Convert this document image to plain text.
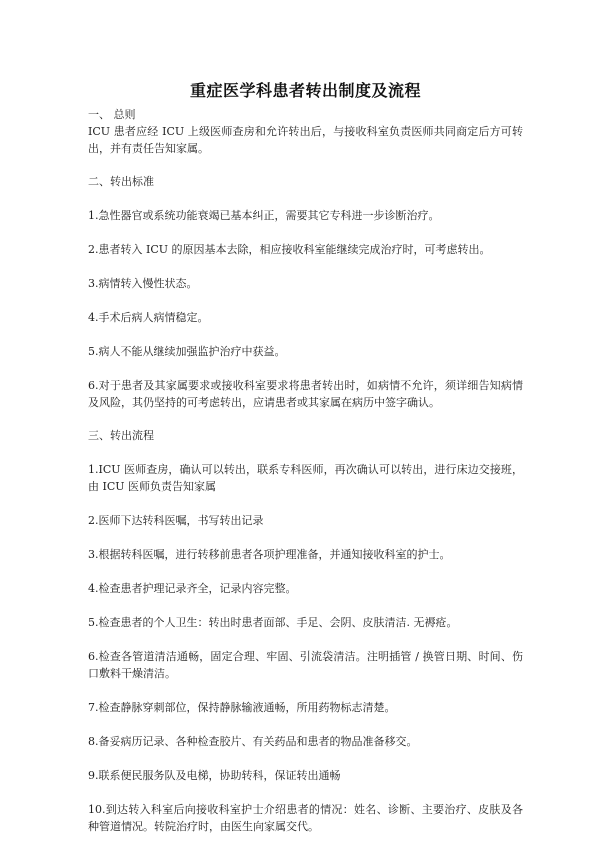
重症医学科患者转出制度及流程
一、 总则
ICU 患者应经 ICU 上级医师查房和允许转出后，与接收科室负责医师共同商定后方可转出，并有责任告知家属。
二、转出标准
1.急性器官或系统功能衰竭已基本纠正，需要其它专科进一步诊断治疗。
2.患者转入 ICU 的原因基本去除，相应接收科室能继续完成治疗时，可考虑转出。
3.病情转入慢性状态。
4.手术后病人病情稳定。
5.病人不能从继续加强监护治疗中获益。
6.对于患者及其家属要求或接收科室要求将患者转出时，如病情不允许，须详细告知病情及风险，其仍坚持的可考虑转出，应请患者或其家属在病历中签字确认。
三、转出流程
1.ICU 医师查房，确认可以转出，联系专科医师，再次确认可以转出，进行床边交接班，由 ICU 医师负责告知家属
2.医师下达转科医嘱，书写转出记录
3.根据转科医嘱，进行转移前患者各项护理准备，并通知接收科室的护士。
4.检查患者护理记录齐全，记录内容完整。
5.检查患者的个人卫生：转出时患者面部、手足、会阴、皮肤清洁. 无褥疮。
6.检查各管道清洁通畅，固定合理、牢固、引流袋清洁。注明插管 / 换管日期、时间、伤口敷料干燥清洁。
7.检查静脉穿刺部位，保持静脉输液通畅，所用药物标志清楚。
8.备妥病历记录、各种检查胶片、有关药品和患者的物品准备移交。
9.联系便民服务队及电梯，协助转科，保证转出通畅
10.到达转入科室后向接收科室护士介绍患者的情况：姓名、诊断、主要治疗、皮肤及各种管道情况。转院治疗时，由医生向家属交代。
